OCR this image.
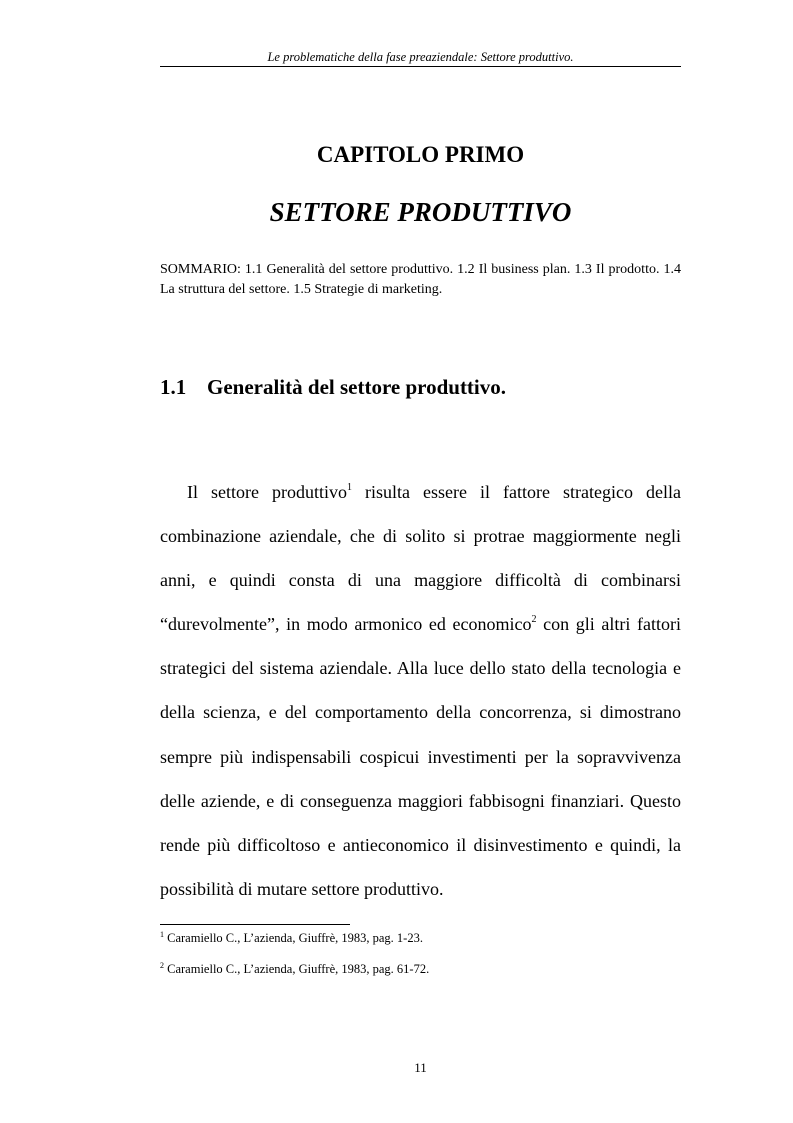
Le problematiche della fase preaziendale: Settore produttivo.
CAPITOLO PRIMO
SETTORE PRODUTTIVO
SOMMARIO: 1.1 Generalità del settore produttivo. 1.2 Il business plan. 1.3 Il prodotto. 1.4 La struttura del settore. 1.5 Strategie di marketing.
1.1 Generalità del settore produttivo.

Il settore produttivo$^1$ risulta essere il fattore strategico della combinazione aziendale, che di solito si protrae maggiormente negli anni, e quindi consta di una maggiore difficoltà di combinarsi “durevolmente”, in modo armonico ed economico$^2$ con gli altri fattori strategici del sistema aziendale. Alla luce dello stato della tecnologia e della scienza, e del comportamento della concorrenza, si dimostrano sempre più indispensabili cospicui investimenti per la sopravvivenza delle aziende, e di conseguenza maggiori fabbisogni finanziari. Questo rende più difficoltoso e antieconomico il disinvestimento e quindi, la possibilità di mutare settore produttivo.

$^1$ Caramiello C., L’azienda, Giuffrè, 1983, pag. 1-23.
$^2$ Caramiello C., L’azienda, Giuffrè, 1983, pag. 61-72.
11
